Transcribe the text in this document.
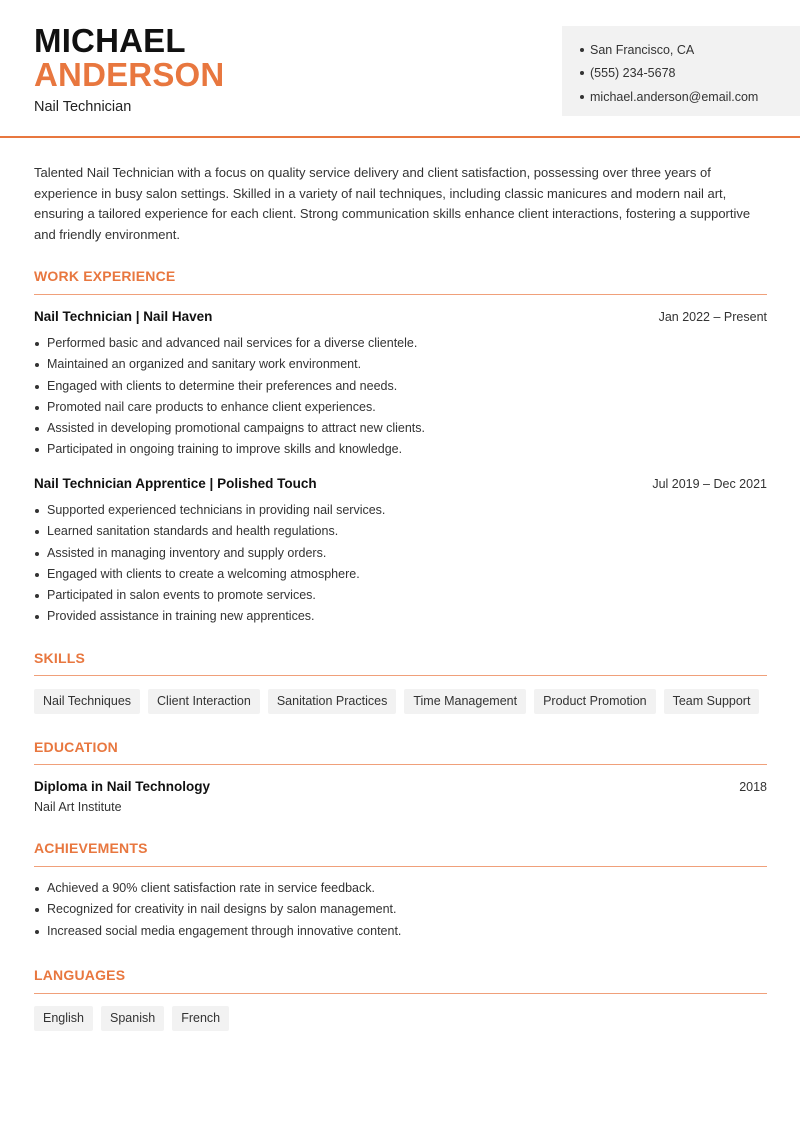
MICHAEL
ANDERSON
Nail Technician
San Francisco, CA
(555) 234-5678
michael.anderson@email.com

Talented Nail Technician with a focus on quality service delivery and client satisfaction, possessing over three years of experience in busy salon settings. Skilled in a variety of nail techniques, including classic manicures and modern nail art, ensuring a tailored experience for each client. Strong communication skills enhance client interactions, fostering a supportive and friendly environment.

WORK EXPERIENCE
Nail Technician | Nail Haven	Jan 2022 – Present
Performed basic and advanced nail services for a diverse clientele.
Maintained an organized and sanitary work environment.
Engaged with clients to determine their preferences and needs.
Promoted nail care products to enhance client experiences.
Assisted in developing promotional campaigns to attract new clients.
Participated in ongoing training to improve skills and knowledge.
Nail Technician Apprentice | Polished Touch	Jul 2019 – Dec 2021
Supported experienced technicians in providing nail services.
Learned sanitation standards and health regulations.
Assisted in managing inventory and supply orders.
Engaged with clients to create a welcoming atmosphere.
Participated in salon events to promote services.
Provided assistance in training new apprentices.
SKILLS
Nail Techniques	Client Interaction	Sanitation Practices	Time Management	Product Promotion	Team Support
EDUCATION
Diploma in Nail Technology	2018
Nail Art Institute
ACHIEVEMENTS
Achieved a 90% client satisfaction rate in service feedback.
Recognized for creativity in nail designs by salon management.
Increased social media engagement through innovative content.
LANGUAGES
English	Spanish	French
